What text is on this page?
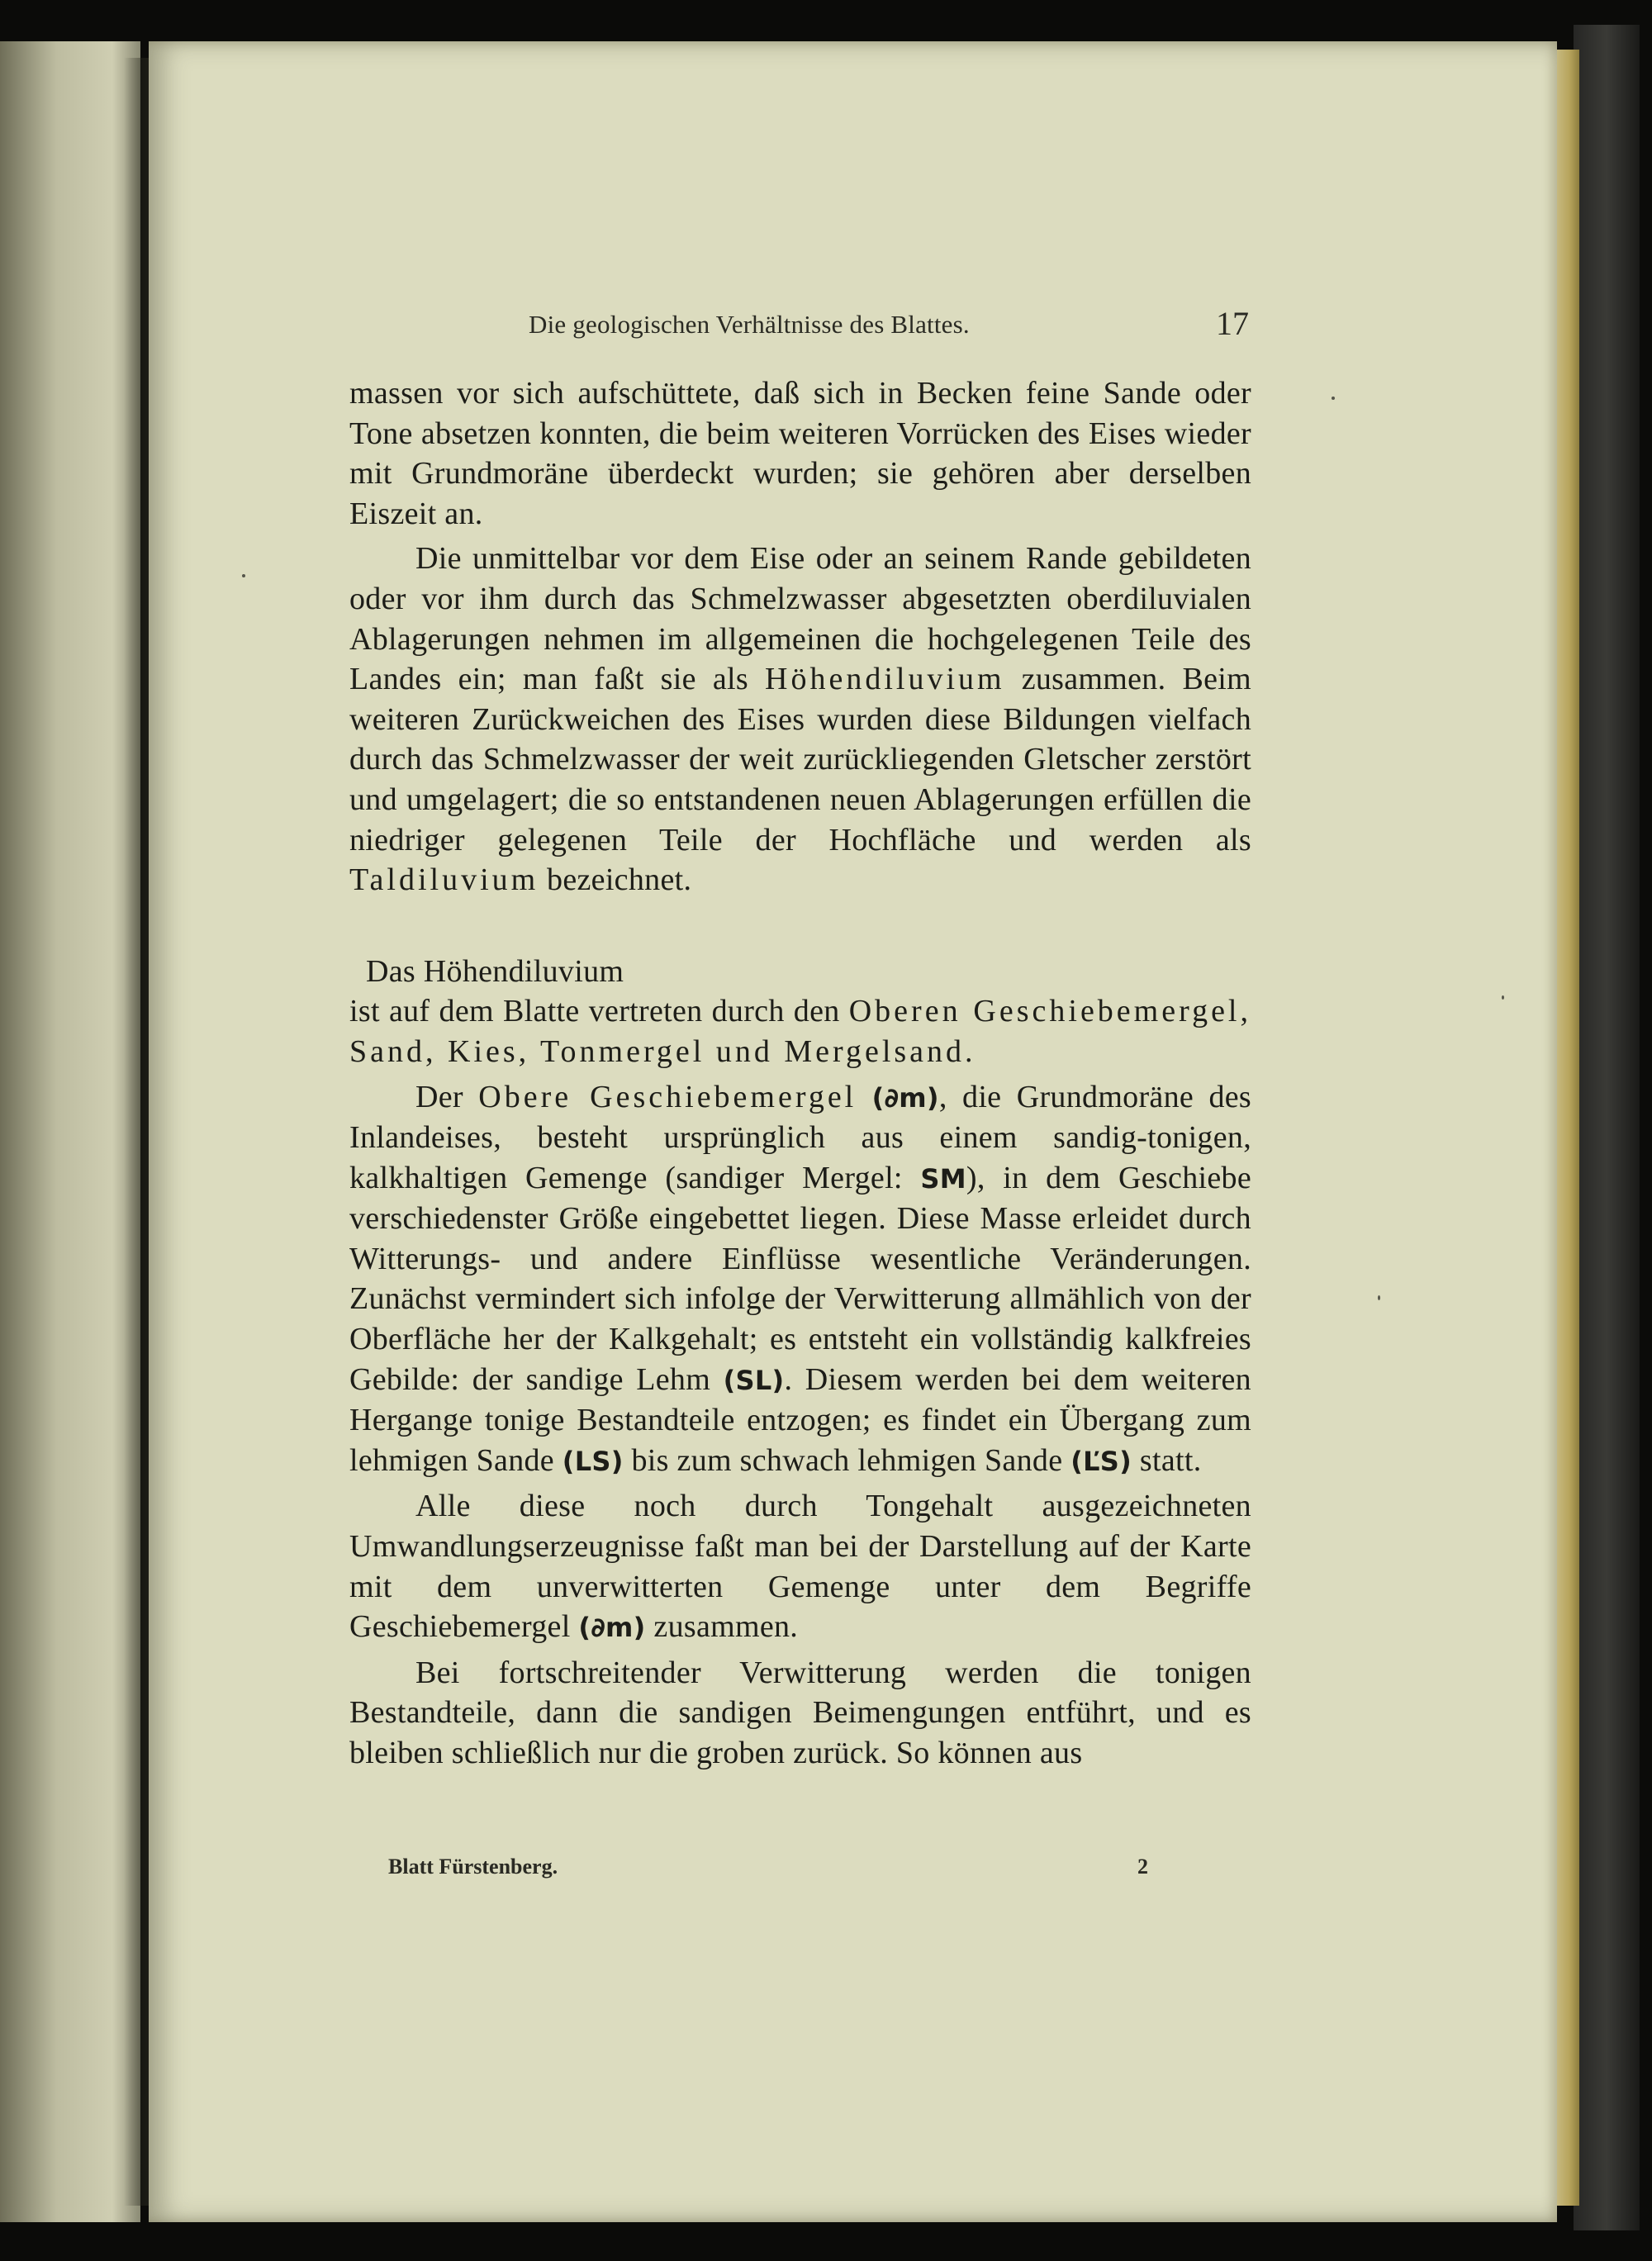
Die geologischen Verhältnisse des Blattes.	17

massen vor sich aufschüttete, daß sich in Becken feine Sande oder Tone absetzen konnten, die beim weiteren Vorrücken des Eises wieder mit Grundmoräne überdeckt wurden; sie gehören aber derselben Eiszeit an.

Die unmittelbar vor dem Eise oder an seinem Rande gebildeten oder vor ihm durch das Schmelzwasser abgesetzten oberdiluvialen Ablagerungen nehmen im allgemeinen die hochgelegenen Teile des Landes ein; man faßt sie als Höhendiluvium zusammen. Beim weiteren Zurückweichen des Eises wurden diese Bildungen vielfach durch das Schmelzwasser der weit zurückliegenden Gletscher zerstört und umgelagert; die so entstandenen neuen Ablagerungen erfüllen die niedriger gelegenen Teile der Hochfläche und werden als Taldiluvium bezeichnet.

Das Höhendiluvium

ist auf dem Blatte vertreten durch den Oberen Geschiebemergel, Sand, Kies, Tonmergel und Mergelsand.

Der Obere Geschiebemergel (∂m), die Grundmoräne des Inlandeises, besteht ursprünglich aus einem sandig-tonigen, kalkhaltigen Gemenge (sandiger Mergel: SM), in dem Geschiebe verschiedenster Größe eingebettet liegen. Diese Masse erleidet durch Witterungs- und andere Einflüsse wesentliche Veränderungen. Zunächst vermindert sich infolge der Verwitterung allmählich von der Oberfläche her der Kalkgehalt; es entsteht ein vollständig kalkfreies Gebilde: der sandige Lehm (SL). Diesem werden bei dem weiteren Hergange tonige Bestandteile entzogen; es findet ein Übergang zum lehmigen Sande (LS) bis zum schwach lehmigen Sande (ĽS) statt.

Alle diese noch durch Tongehalt ausgezeichneten Umwandlungserzeugnisse faßt man bei der Darstellung auf der Karte mit dem unverwitterten Gemenge unter dem Begriffe Geschiebemergel (∂m) zusammen.

Bei fortschreitender Verwitterung werden die tonigen Bestandteile, dann die sandigen Beimengungen entführt, und es bleiben schließlich nur die groben zurück. So können aus

Blatt Fürstenberg.	2
